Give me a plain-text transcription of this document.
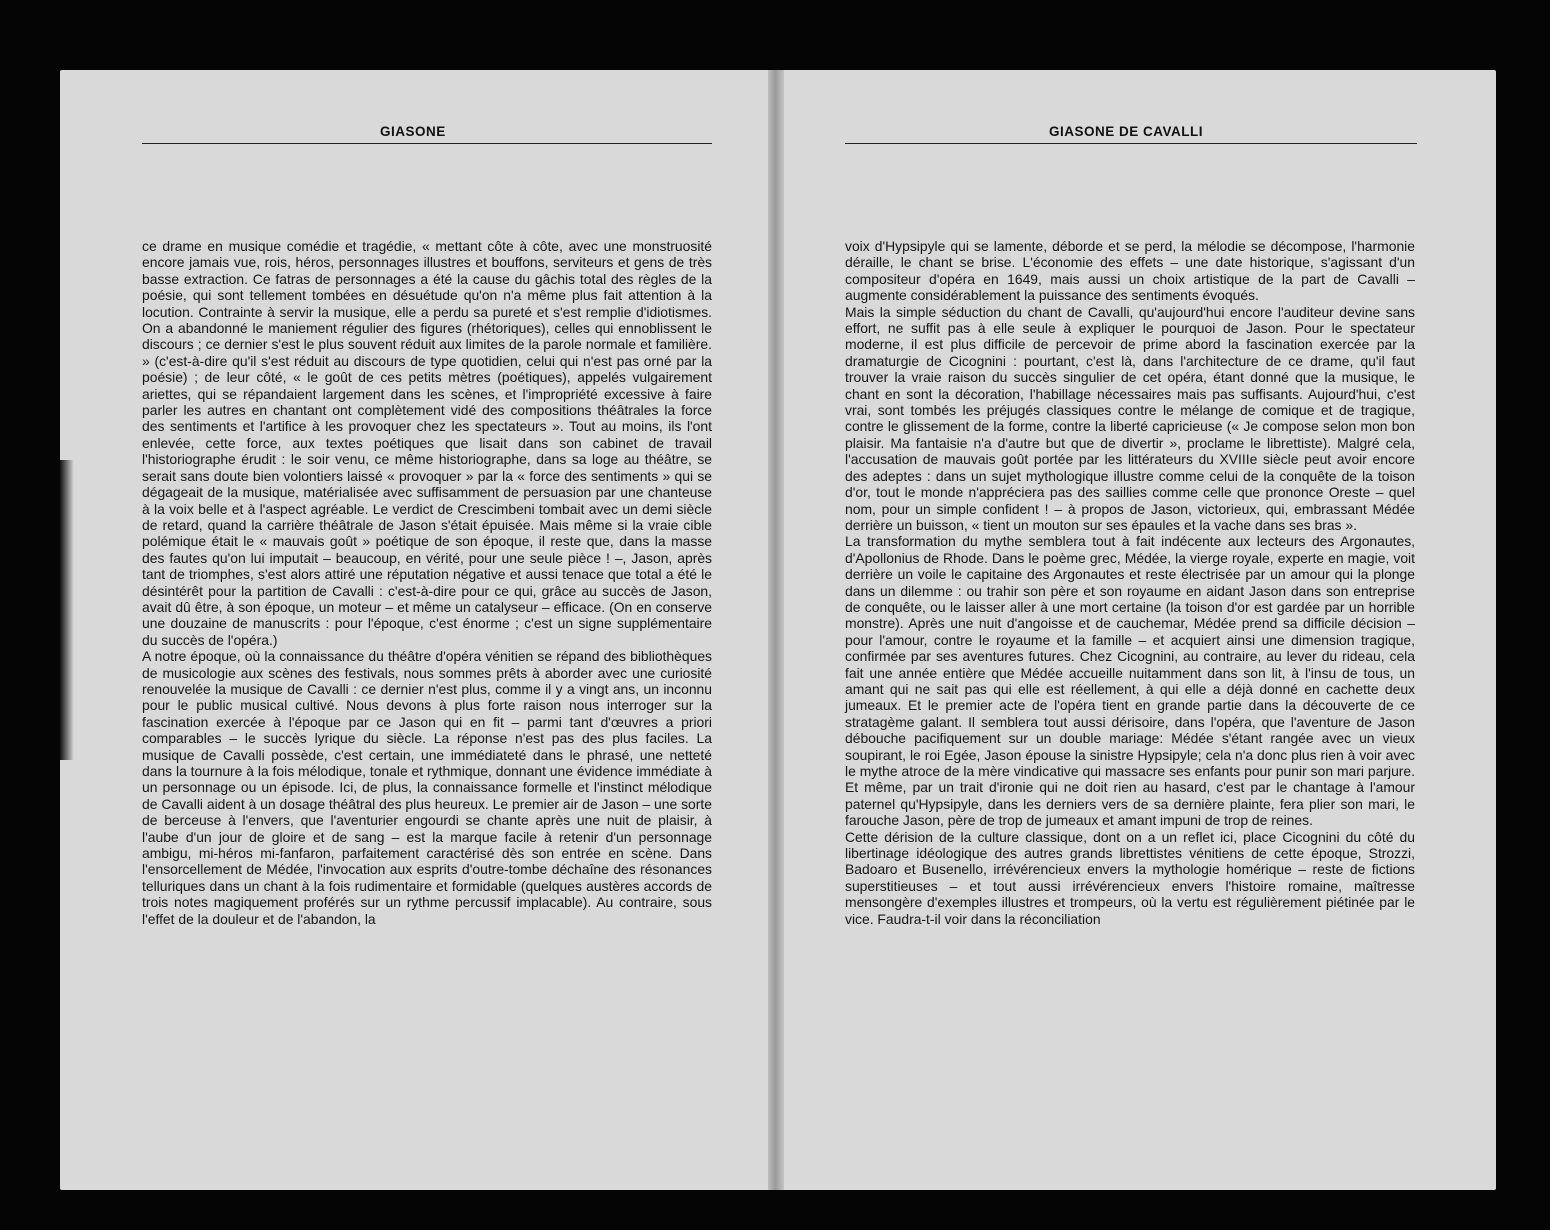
GIASONE	GIASONE DE CAVALLI

ce drame en musique comédie et tragédie, « mettant côte à côte, avec une monstruosité encore jamais vue, rois, héros, personnages illustres et bouffons, serviteurs et gens de très basse extraction. Ce fatras de personnages a été la cause du gâchis total des règles de la poésie, qui sont tellement tombées en désuétude qu'on n'a même plus fait attention à la locution. Contrainte à servir la musique, elle a perdu sa pureté et s'est remplie d'idiotismes. On a abandonné le maniement régulier des figures (rhétoriques), celles qui ennoblissent le discours ; ce dernier s'est le plus souvent réduit aux limites de la parole normale et familière. » (c'est-à-dire qu'il s'est réduit au discours de type quotidien, celui qui n'est pas orné par la poésie) ; de leur côté, « le goût de ces petits mètres (poétiques), appelés vulgairement ariettes, qui se répandaient largement dans les scènes, et l'impropriété excessive à faire parler les autres en chantant ont complètement vidé des compositions théâtrales la force des sentiments et l'artifice à les provoquer chez les spectateurs ». Tout au moins, ils l'ont enlevée, cette force, aux textes poétiques que lisait dans son cabinet de travail l'historiographe érudit : le soir venu, ce même historiographe, dans sa loge au théâtre, se serait sans doute bien volontiers laissé « provoquer » par la « force des sentiments » qui se dégageait de la musique, matérialisée avec suffisamment de persuasion par une chanteuse à la voix belle et à l'aspect agréable. Le verdict de Crescimbeni tombait avec un demi siècle de retard, quand la carrière théâtrale de Jason s'était épuisée. Mais même si la vraie cible polémique était le « mauvais goût » poétique de son époque, il reste que, dans la masse des fautes qu'on lui imputait – beaucoup, en vérité, pour une seule pièce ! –, Jason, après tant de triomphes, s'est alors attiré une réputation négative et aussi tenace que total a été le désintérêt pour la partition de Cavalli : c'est-à-dire pour ce qui, grâce au succès de Jason, avait dû être, à son époque, un moteur – et même un catalyseur – efficace. (On en conserve une douzaine de manuscrits : pour l'époque, c'est énorme ; c'est un signe supplémentaire du succès de l'opéra.)

A notre époque, où la connaissance du théâtre d'opéra vénitien se répand des bibliothèques de musicologie aux scènes des festivals, nous sommes prêts à aborder avec une curiosité renouvelée la musique de Cavalli : ce dernier n'est plus, comme il y a vingt ans, un inconnu pour le public musical cultivé. Nous devons à plus forte raison nous interroger sur la fascination exercée à l'époque par ce Jason qui en fit – parmi tant d'œuvres a priori comparables – le succès lyrique du siècle. La réponse n'est pas des plus faciles. La musique de Cavalli possède, c'est certain, une immédiateté dans le phrasé, une netteté dans la tournure à la fois mélodique, tonale et rythmique, donnant une évidence immédiate à un personnage ou un épisode. Ici, de plus, la connaissance formelle et l'instinct mélodique de Cavalli aident à un dosage théâtral des plus heureux. Le premier air de Jason – une sorte de berceuse à l'envers, que l'aventurier engourdi se chante après une nuit de plaisir, à l'aube d'un jour de gloire et de sang – est la marque facile à retenir d'un personnage ambigu, mi-héros mi-fanfaron, parfaitement caractérisé dès son entrée en scène. Dans l'ensorcellement de Médée, l'invocation aux esprits d'outre-tombe déchaîne des résonances telluriques dans un chant à la fois rudimentaire et formidable (quelques austères accords de trois notes magiquement proférés sur un rythme percussif implacable). Au contraire, sous l'effet de la douleur et de l'abandon, la

voix d'Hypsipyle qui se lamente, déborde et se perd, la mélodie se décompose, l'harmonie déraille, le chant se brise. L'économie des effets – une date historique, s'agissant d'un compositeur d'opéra en 1649, mais aussi un choix artistique de la part de Cavalli – augmente considérablement la puissance des sentiments évoqués.

Mais la simple séduction du chant de Cavalli, qu'aujourd'hui encore l'auditeur devine sans effort, ne suffit pas à elle seule à expliquer le pourquoi de Jason. Pour le spectateur moderne, il est plus difficile de percevoir de prime abord la fascination exercée par la dramaturgie de Cicognini : pourtant, c'est là, dans l'architecture de ce drame, qu'il faut trouver la vraie raison du succès singulier de cet opéra, étant donné que la musique, le chant en sont la décoration, l'habillage nécessaires mais pas suffisants. Aujourd'hui, c'est vrai, sont tombés les préjugés classiques contre le mélange de comique et de tragique, contre le glissement de la forme, contre la liberté capricieuse (« Je compose selon mon bon plaisir. Ma fantaisie n'a d'autre but que de divertir », proclame le librettiste). Malgré cela, l'accusation de mauvais goût portée par les littérateurs du XVIIIe siècle peut avoir encore des adeptes : dans un sujet mythologique illustre comme celui de la conquête de la toison d'or, tout le monde n'appréciera pas des saillies comme celle que prononce Oreste – quel nom, pour un simple confident ! – à propos de Jason, victorieux, qui, embrassant Médée derrière un buisson, « tient un mouton sur ses épaules et la vache dans ses bras ».

La transformation du mythe semblera tout à fait indécente aux lecteurs des Argonautes, d'Apollonius de Rhode. Dans le poème grec, Médée, la vierge royale, experte en magie, voit derrière un voile le capitaine des Argonautes et reste électrisée par un amour qui la plonge dans un dilemme : ou trahir son père et son royaume en aidant Jason dans son entreprise de conquête, ou le laisser aller à une mort certaine (la toison d'or est gardée par un horrible monstre). Après une nuit d'angoisse et de cauchemar, Médée prend sa difficile décision – pour l'amour, contre le royaume et la famille – et acquiert ainsi une dimension tragique, confirmée par ses aventures futures. Chez Cicognini, au contraire, au lever du rideau, cela fait une année entière que Médée accueille nuitamment dans son lit, à l'insu de tous, un amant qui ne sait pas qui elle est réellement, à qui elle a déjà donné en cachette deux jumeaux. Et le premier acte de l'opéra tient en grande partie dans la découverte de ce stratagème galant. Il semblera tout aussi dérisoire, dans l'opéra, que l'aventure de Jason débouche pacifiquement sur un double mariage: Médée s'étant rangée avec un vieux soupirant, le roi Egée, Jason épouse la sinistre Hypsipyle; cela n'a donc plus rien à voir avec le mythe atroce de la mère vindicative qui massacre ses enfants pour punir son mari parjure. Et même, par un trait d'ironie qui ne doit rien au hasard, c'est par le chantage à l'amour paternel qu'Hypsipyle, dans les derniers vers de sa dernière plainte, fera plier son mari, le farouche Jason, père de trop de jumeaux et amant impuni de trop de reines.

Cette dérision de la culture classique, dont on a un reflet ici, place Cicognini du côté du libertinage idéologique des autres grands librettistes vénitiens de cette époque, Strozzi, Badoaro et Busenello, irrévérencieux envers la mythologie homérique – reste de fictions superstitieuses – et tout aussi irrévérencieux envers l'histoire romaine, maîtresse mensongère d'exemples illustres et trompeurs, où la vertu est régulièrement piétinée par le vice. Faudra-t-il voir dans la réconciliation
